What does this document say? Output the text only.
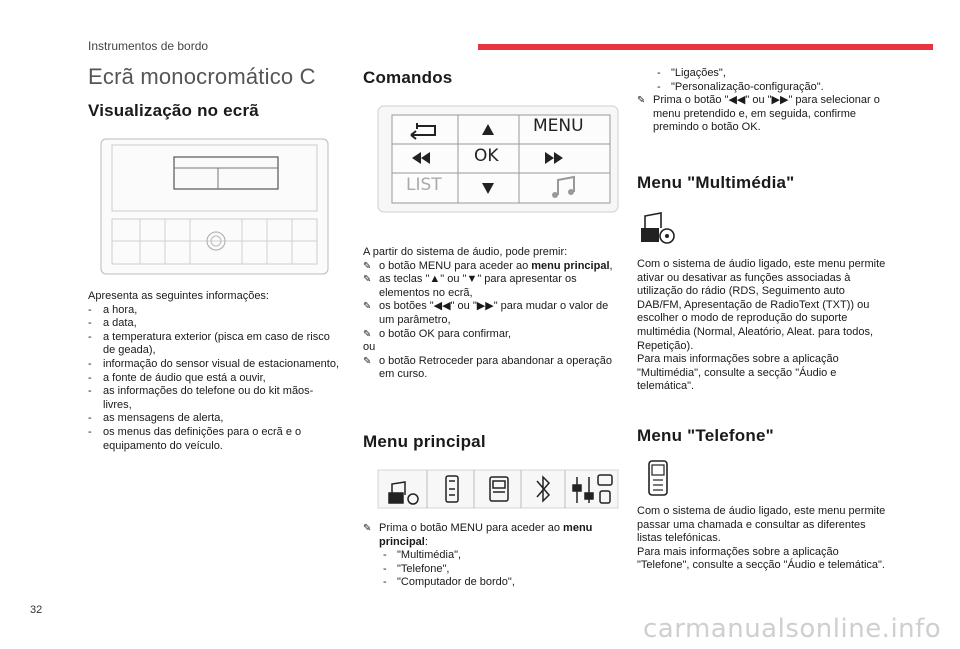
Instrumentos de bordo
Ecrã monocromático C
Visualização no ecrã

Apresenta as seguintes informações:

- a hora,
- a data,
- a temperatura exterior (pisca em caso de risco de geada),
- informação do sensor visual de estacionamento,
- a fonte de áudio que está a ouvir,
- as informações do telefone ou do kit mãos-livres,
- as mensagens de alerta,
- os menus das definições para o ecrã e o equipamento do veículo.
Comandos
MENU
OK
LIST

A partir do sistema de áudio, pode premir:

✎ o botão MENU para aceder ao menu principal,
✎ as teclas "▲" ou "▼" para apresentar os elementos no ecrã,
✎ os botões "◀◀" ou "▶▶" para mudar o valor de um parâmetro,
✎ o botão OK para confirmar,

ou

✎ o botão Retroceder para abandonar a operação em curso.
Menu principal
✎ Prima o botão MENU para aceder ao menu principal:
- "Multimédia",
- "Telefone",
- "Computador de bordo",
- "Ligações",
- "Personalização-configuração".
✎ Prima o botão "◀◀" ou "▶▶" para selecionar o menu pretendido e, em seguida, confirme premindo o botão OK.
Menu "Multimédia"

Com o sistema de áudio ligado, este menu permite ativar ou desativar as funções associadas à utilização do rádio (RDS, Seguimento auto DAB/FM, Apresentação de RadioText (TXT)) ou escolher o modo de reprodução do suporte multimédia (Normal, Aleatório, Aleat. para todos, Repetição).

Para mais informações sobre a aplicação "Multimédia", consulte a secção "Áudio e telemática".

Menu "Telefone"

Com o sistema de áudio ligado, este menu permite passar uma chamada e consultar as diferentes listas telefónicas.

Para mais informações sobre a aplicação "Telefone", consulte a secção "Áudio e telemática".

32
carmanualsonline.info
